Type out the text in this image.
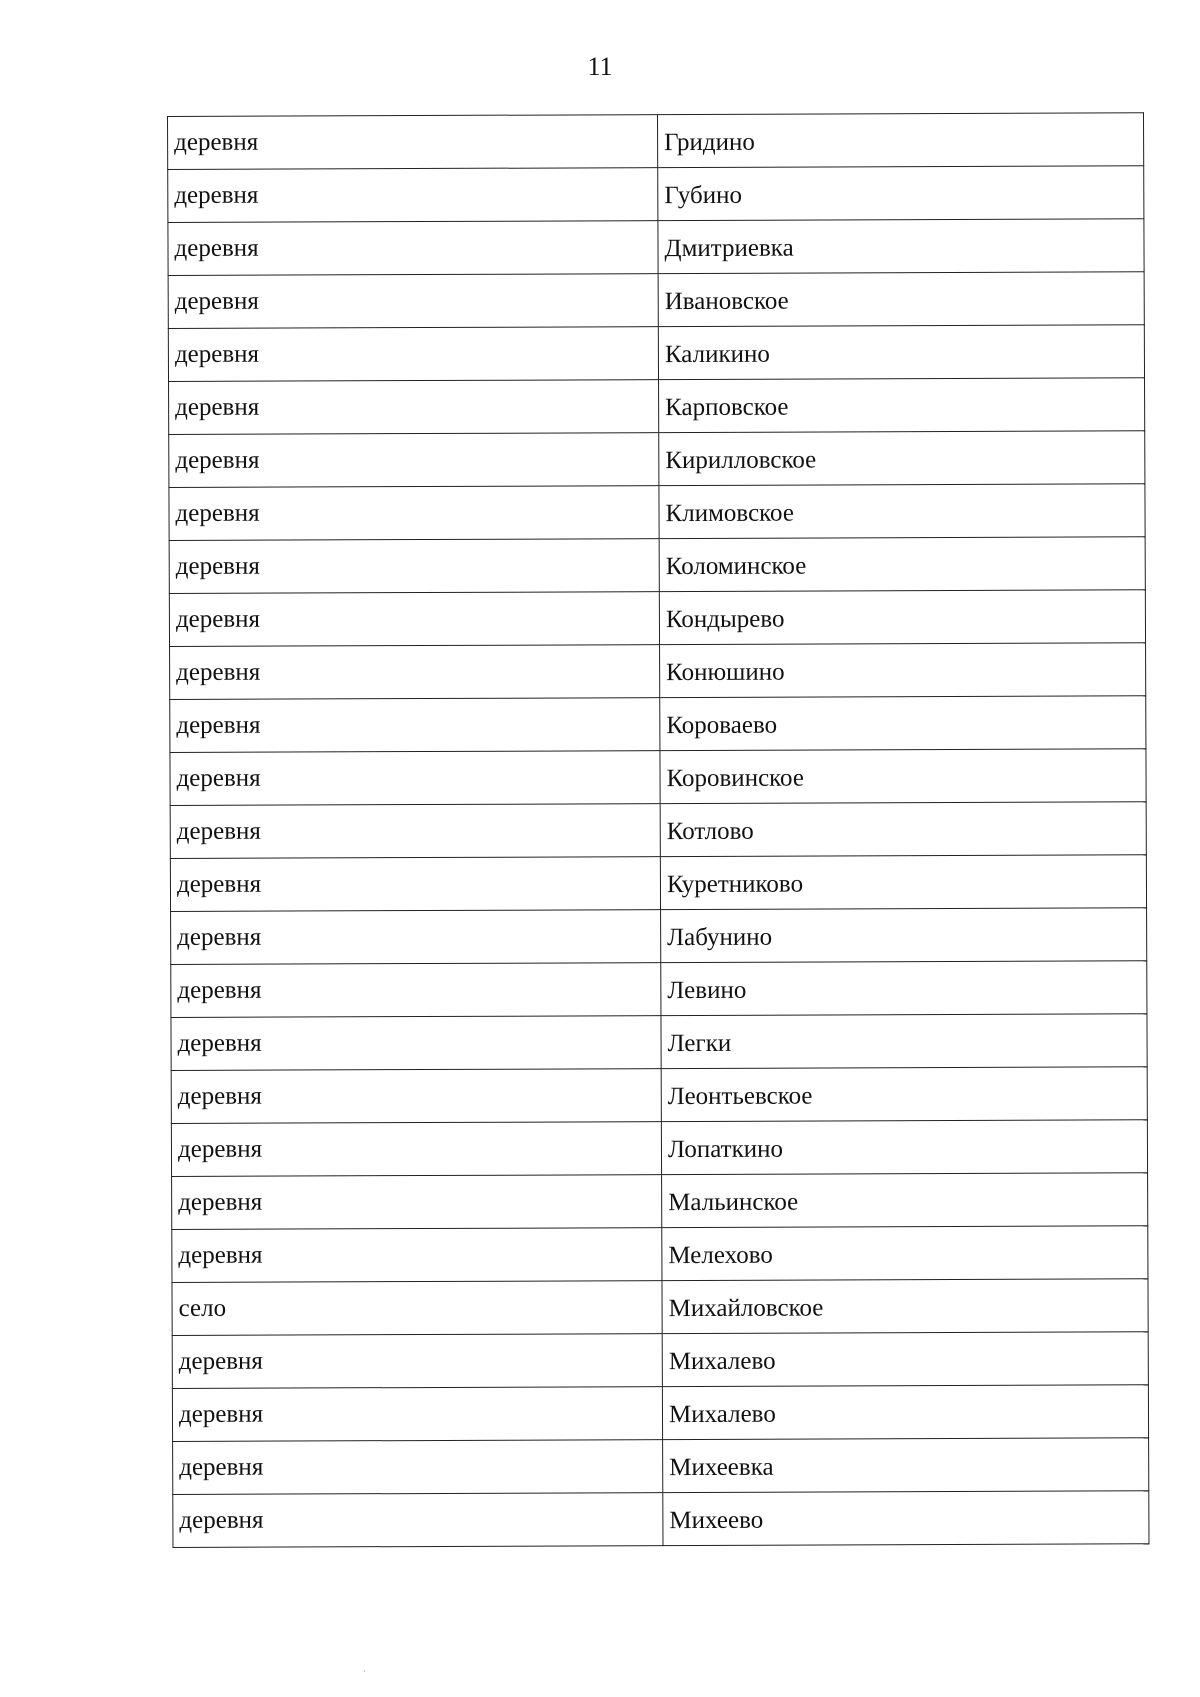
11
деревня	Гридино

деревня	Губино

деревня	Дмитриевка

деревня	Ивановское

деревня	Каликино

деревня	Карповское

деревня	Кирилловское

деревня	Климовское

деревня	Коломинское

деревня	Кондырево

деревня	Конюшино

деревня	Короваево

деревня	Коровинское

деревня	Котлово

деревня	Куретниково

деревня	Лабунино

деревня	Левино

деревня	Легки

деревня	Леонтьевское

деревня	Лопаткино

деревня	Мальинское

деревня	Мелехово

село	Михайловское

деревня	Михалево

деревня	Михалево

деревня	Михеевка

деревня	Михеево
